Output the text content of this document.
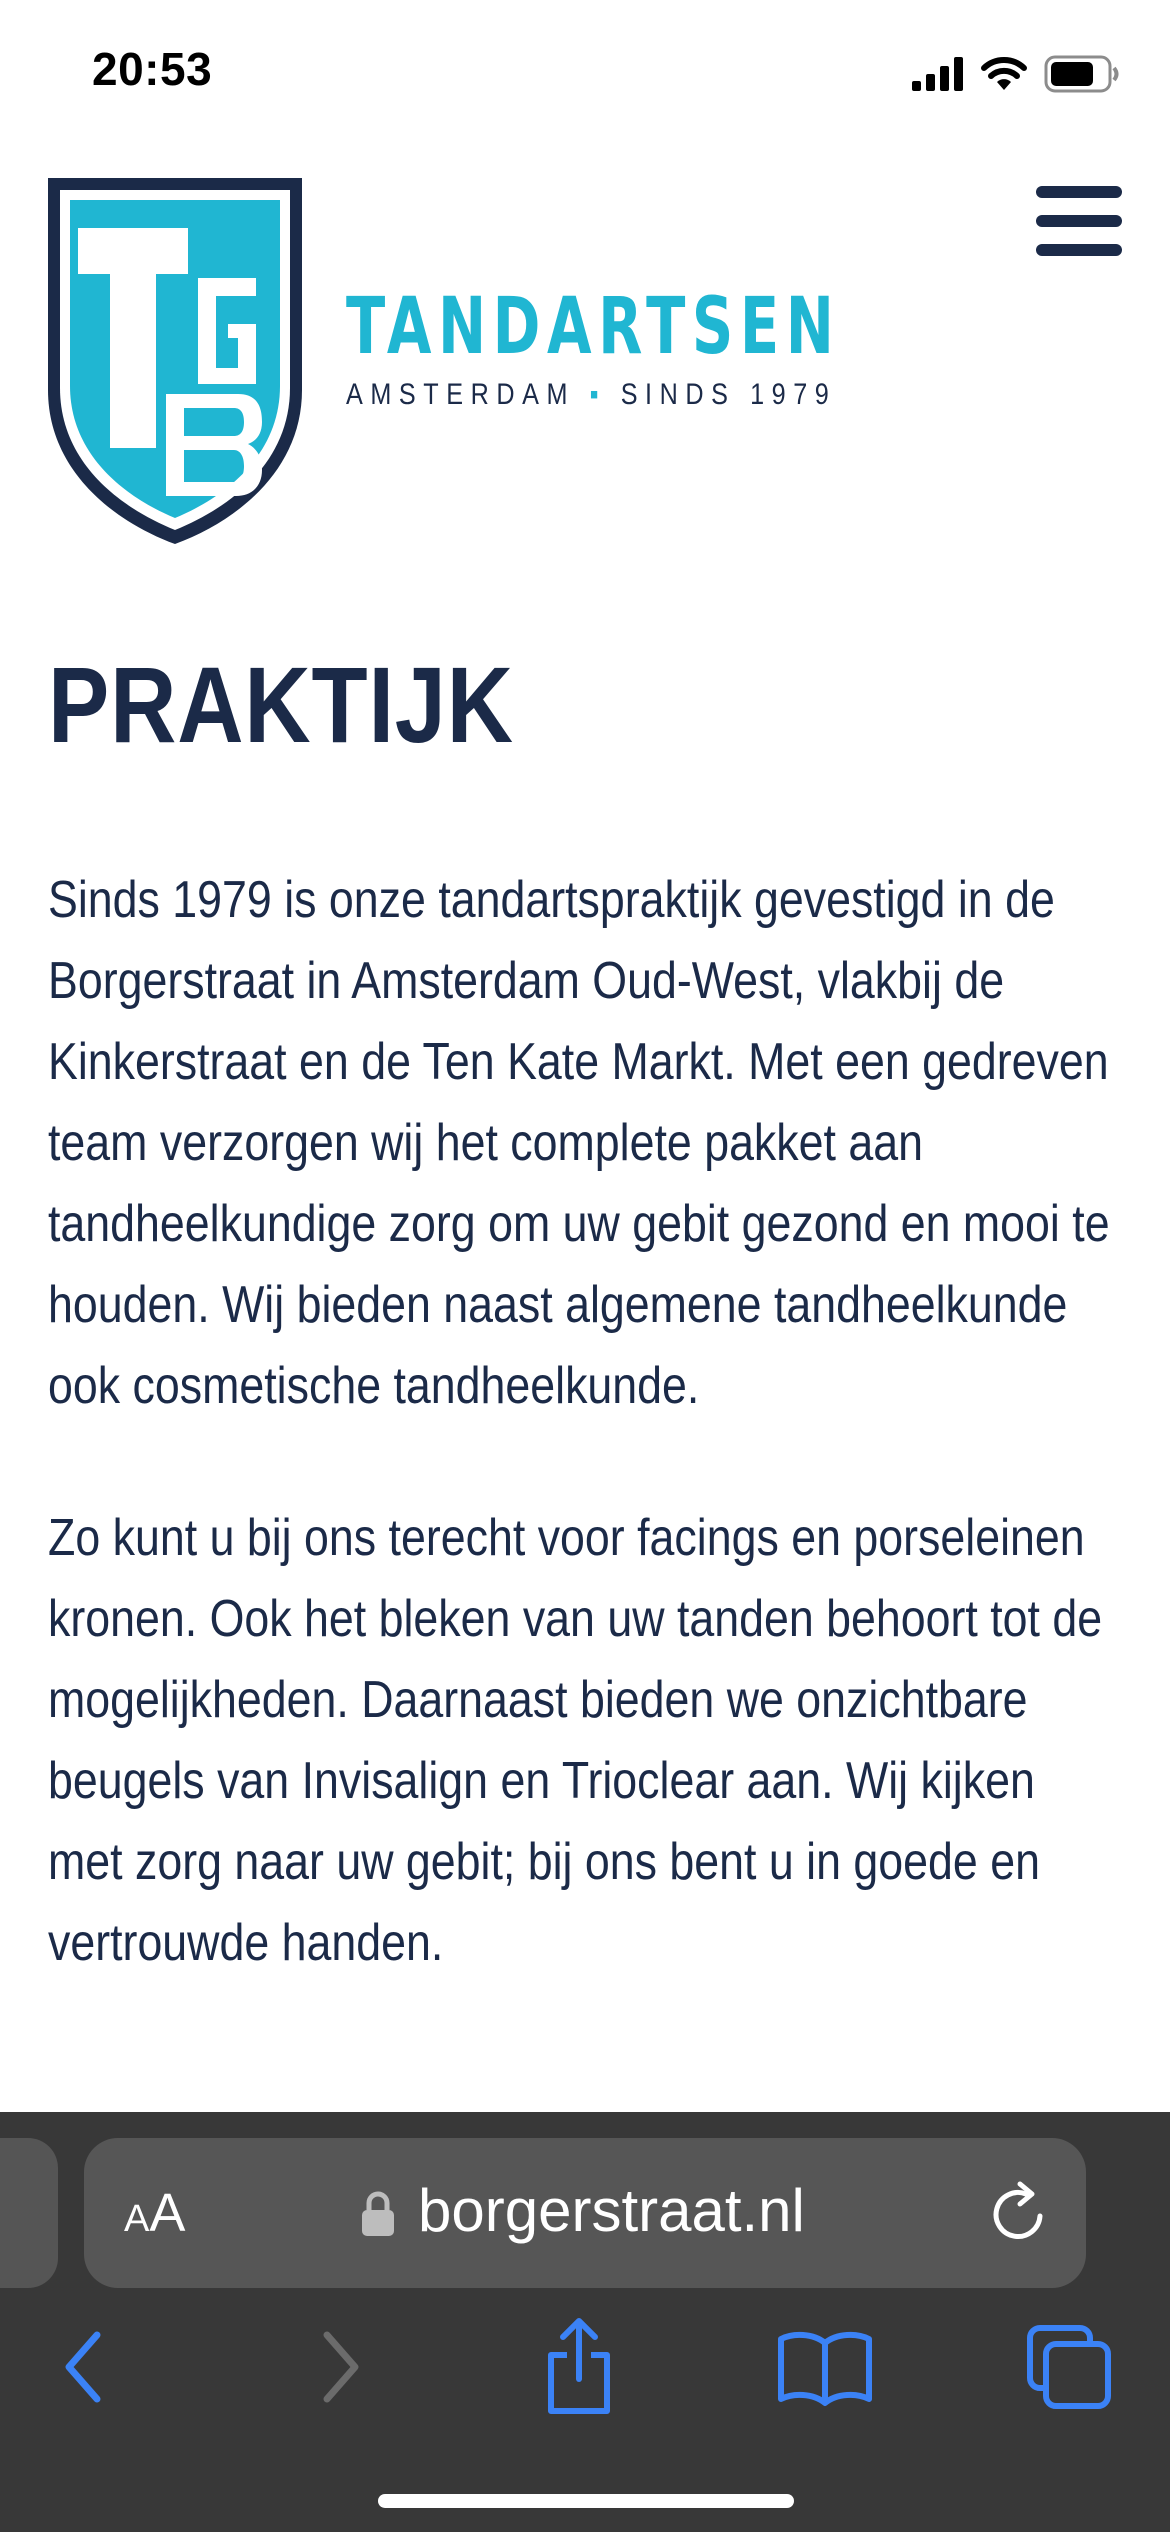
20:53
TANDARTSEN
AMSTERDAM ▪ SINDS 1979
PRAKTIJK

Sinds 1979 is onze tandartspraktijk gevestigd in de Borgerstraat in Amsterdam Oud-West, vlakbij de Kinkerstraat en de Ten Kate Markt. Met een gedreven team verzorgen wij het complete pakket aan tandheelkundige zorg om uw gebit gezond en mooi te houden. Wij bieden naast algemene tandheelkunde ook cosmetische tandheelkunde.

Zo kunt u bij ons terecht voor facings en porseleinen kronen. Ook het bleken van uw tanden behoort tot de mogelijkheden. Daarnaast bieden we onzichtbare beugels van Invisalign en Trioclear aan. Wij kijken met zorg naar uw gebit; bij ons bent u in goede en vertrouwde handen.

AA	borgerstraat.nl
